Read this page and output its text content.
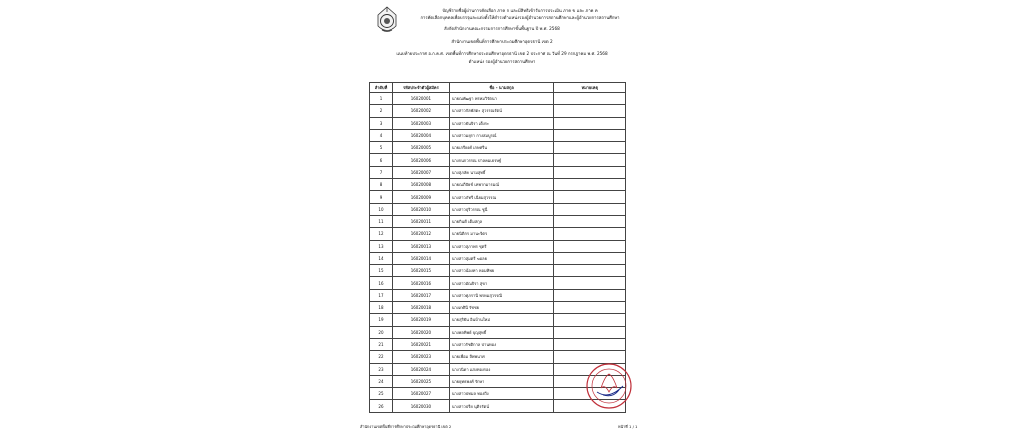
บัญชีรายชื่อผู้ผ่านการคัดเลือก ภาค ก และมีสิทธิเข้ารับการประเมิน ภาค ข และ ภาค ค
การคัดเลือกบุคคลเพื่อบรรจุและแต่งตั้งให้ดำรงตำแหน่งรองผู้อำนวยการสถานศึกษาและผู้อำนวยการสถานศึกษา
สังกัดสำนักงานคณะกรรมการการศึกษาขั้นพื้นฐาน ปี พ.ศ. 2568
สำนักงานเขตพื้นที่การศึกษาประถมศึกษาอุดรธานี เขต 2
แนบท้ายประกาศ อ.ก.ค.ศ. เขตพื้นที่การศึกษาประถมศึกษาอุดรธานี เขต 2 ประกาศ ณ วันที่ 29 กรกฎาคม พ.ศ. 2568
ตำแหน่ง รองผู้อำนวยการสถานศึกษา
ลำดับที่	รหัสประจำตัวผู้สมัคร	ชื่อ - นามสกุล	หมายเหตุ
1	16020001	นายณพัฒฐา พรหมวิรัตนา	
2	16020002	นางสาวกัลพัสตะ สุวรรณรัตน์	
3	16020003	นางสาวธันจิรา เต็งระ	
4	16020004	นางสาวมยุรา กางสมบูรณ์	
5	16020005	นายเกรียงศ์ เกษศรีน	
6	16020006	นางกนกวรรณ ปาลคมเธรษฐ์	
7	16020007	นางสุภลัค นามสุทธิ์	
8	16020008	นายณภีปัยช์ เทพากมารมณ์	
9	16020009	นางสาวภัทรี เนียมสุวรรณ	
10	16020010	นางสาวปุริวรรณ ชูนี่	
11	16020011	นายกินดี เต็มสกุล	
12	16020012	นายนิติกร มานะจิตร	
13	16020013	นางสาวสุภาพร ชุตรี	
14	16020014	นางสาวสุมตรี ฆอลย	
15	16020015	นางสาวน้องทา หอมทิพย	
16	16020016	นางสาวอัณจิรา สุขา	
17	16020017	นางสาวศุภรานี พรหมสุวรรณี	
18	16020018	นางเกศินี รัชชย	
19	16020019	นายสุริยัน อินบ้านใหม่	
20	16020020	นางพลทิพย์ บุญสุทธิ์	
21	16020021	นางสาวรัชติกาล ปานทอง	
22	16020023	นายเพื่อม ลีพพนาศ	
23	16020024	นางวนิดา แสงทองรอง	
24	16020025	นายยุทธพงศ์ รักษา	
25	16020027	นางสาวปทมล ทองถึง	
26	16020030	นางสาวปรีย นุติรรัตน์	
สำนักงานเขตพื้นที่การศึกษาประถมศึกษาอุดรธานี เขต 2	หน้าที่ 1 / 1
